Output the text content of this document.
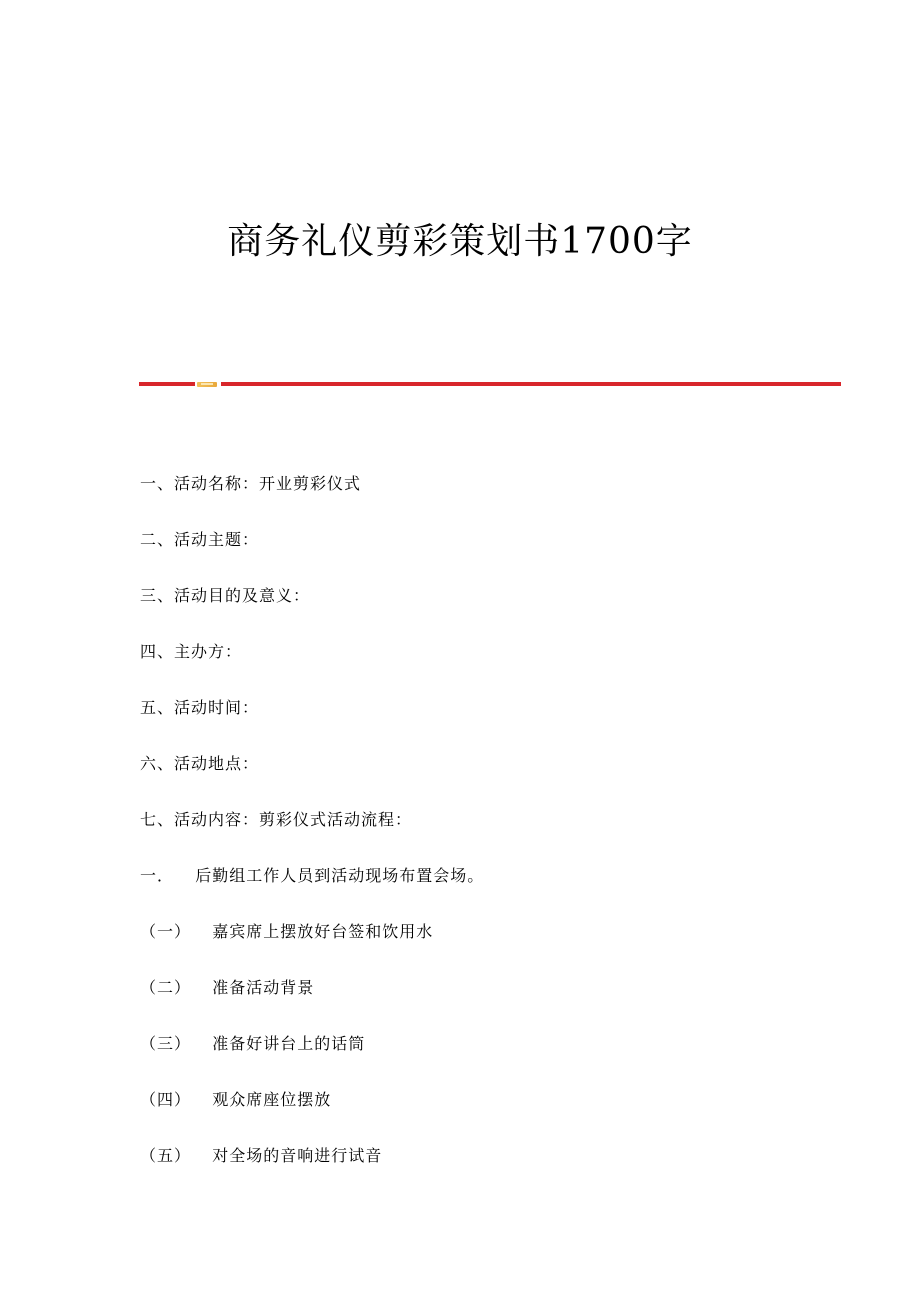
商务礼仪剪彩策划书1700字
一、活动名称：开业剪彩仪式
二、活动主题：
三、活动目的及意义：
四、主办方：
五、活动时间：
六、活动地点：
七、活动内容：剪彩仪式活动流程：
一．  后勤组工作人员到活动现场布置会场。
（一）  嘉宾席上摆放好台签和饮用水
（二）  准备活动背景
（三）  准备好讲台上的话筒
（四）  观众席座位摆放
（五）  对全场的音响进行试音
